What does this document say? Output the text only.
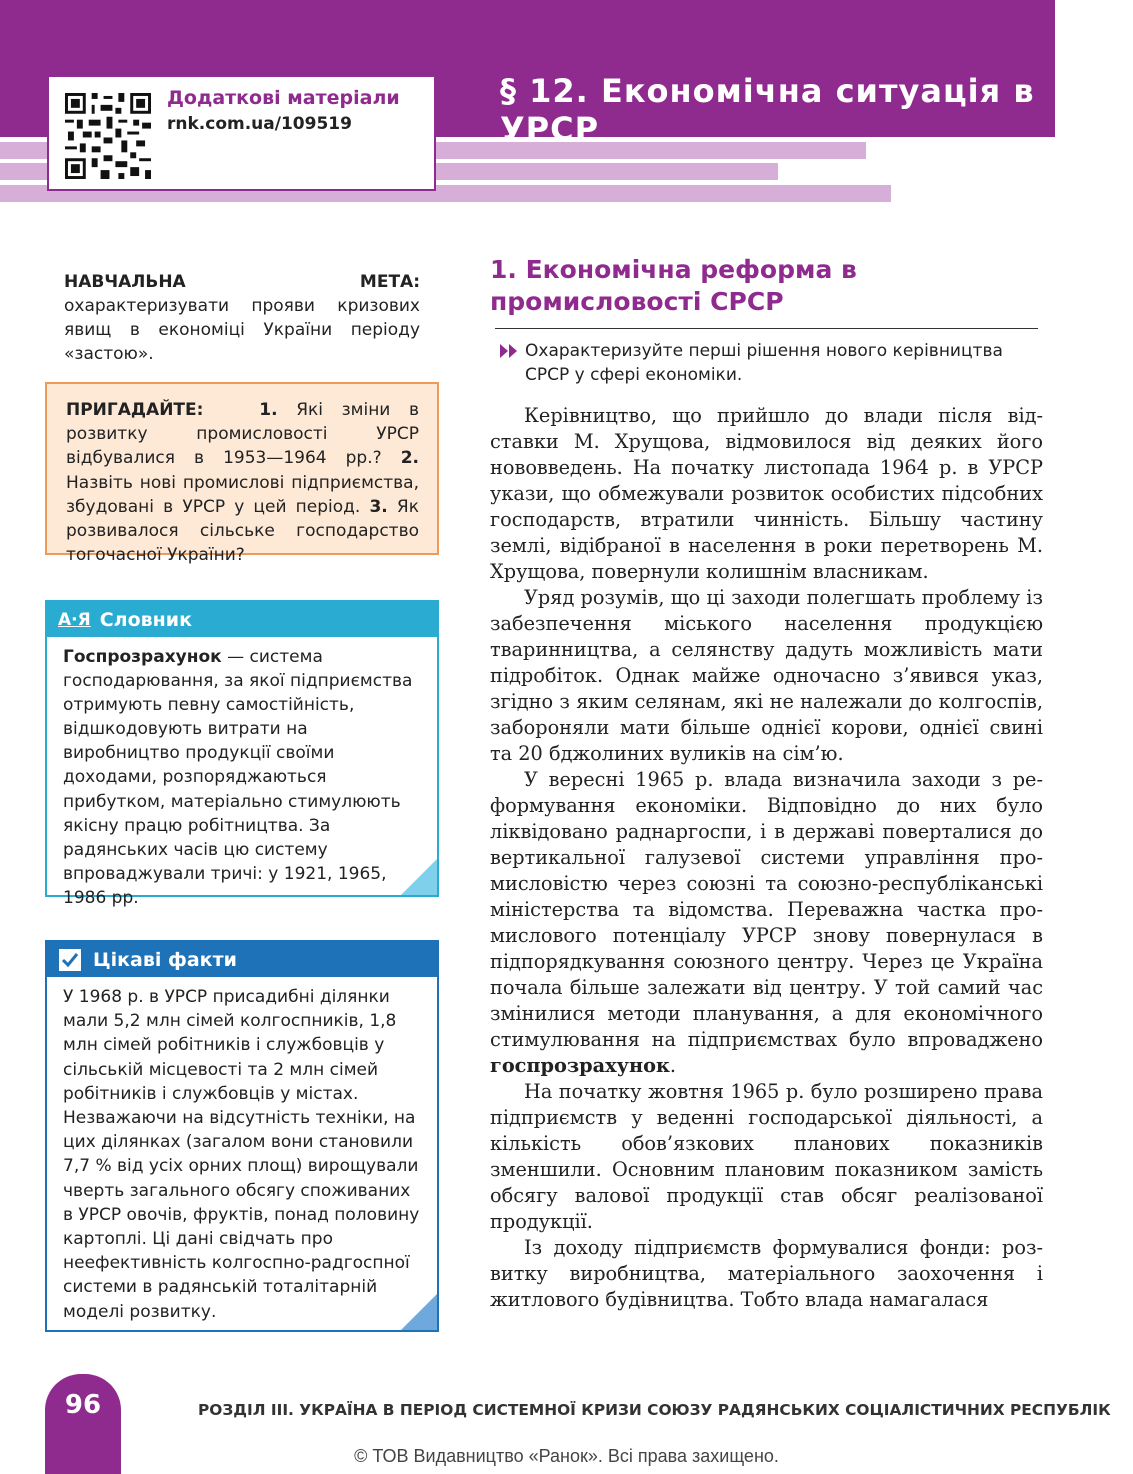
Додаткові матеріали
rnk.com.ua/109519
§ 12. Економічна ситуація в УРСР
НАВЧАЛЬНА МЕТА: охарактеризувати прояви кризових явищ в економіці України періоду «застою».
ПРИГАДАЙТЕ:	1. Які зміни в розвитку промисловості УРСР відбувалися в 1953—1964 рр.? 2. Назвіть нові промислові підприємства, збудовані в УРСР у цей період. 3. Як розвивалося сільське господарство тогочасної України?
А·Я Словник
Госпрозрахунок — система господарювання, за якої підприємства отримують певну самостійність, відшкодовують витрати на виробництво продукції своїми доходами, розпоряджаються прибутком, матеріально стимулюють якісну працю робітництва. За радянських часів цю систему впроваджували тричі: у 1921, 1965, 1986 рр.
Цікаві факти
У 1968 р. в УРСР присадибні ділянки мали 5,2 млн сімей колгоспників, 1,8 млн сімей робітників і службовців у сільській місцевості та 2 млн сімей робітників і службовців у містах. Незважаючи на відсутність техніки, на цих ділянках (загалом вони становили 7,7 % від усіх орних площ) вирощували чверть загального обсягу споживаних в УРСР овочів, фруктів, понад половину картоплі. Ці дані свідчать про неефективність колгоспно-радгоспної системи в радянській тоталітарній моделі розвитку.
1. Економічна реформа в промисловості СРСР
Охарактеризуйте перші рішення нового керівництва СРСР у сфері економіки.

Керівництво, що прийшло до влади після відставки М. Хрущова, відмовилося від деяких його нововведень. На початку листопада 1964 р. в УРСР укази, що обмежували розвиток особистих підсобних господарств, втратили чинність. Більшу частину землі, відібраної в населення в роки перетворень М. Хрущова, повернули колишнім власникам.

Уряд розумів, що ці заходи полегшать проблему із забезпечення міського населення продукцією тваринництва, а селянству дадуть можливість мати підробіток. Однак майже одночасно з’явився указ, згідно з яким селянам, які не належали до колгоспів, забороняли мати більше однієї корови, однієї свині та 20 бджолиних вуликів на сім’ю.

У вересні 1965 р. влада визначила заходи з реформування економіки. Відповідно до них було ліквідовано раднаргоспи, і в державі поверталися до вертикальної галузевої системи управління промисловістю через союзні та союзно-республіканські міністерства та відомства. Переважна частка промислового потенціалу УРСР знову повернулася в підпорядкування союзного центру. Через це Україна почала більше залежати від центру. У той самий час змінилися методи планування, а для економічного стимулювання на підприємствах було впроваджено госпрозрахунок.

На початку жовтня 1965 р. було розширено права підприємств у веденні господарської діяльності, а кількість обов’язкових планових показників зменшили. Основним плановим показником замість обсягу валової продукції став обсяг реалізованої продукції.

Із доходу підприємств формувалися фонди: розвитку виробництва, матеріального заохочення і житлового будівництва. Тобто влада намагалася

96	РОЗДІЛ ІІІ. УКРАЇНА В ПЕРІОД СИСТЕМНОЇ КРИЗИ СОЮЗУ РАДЯНСЬКИХ СОЦІАЛІСТИЧНИХ РЕСПУБЛІК
© ТОВ Видавництво «Ранок». Всі права захищено.
